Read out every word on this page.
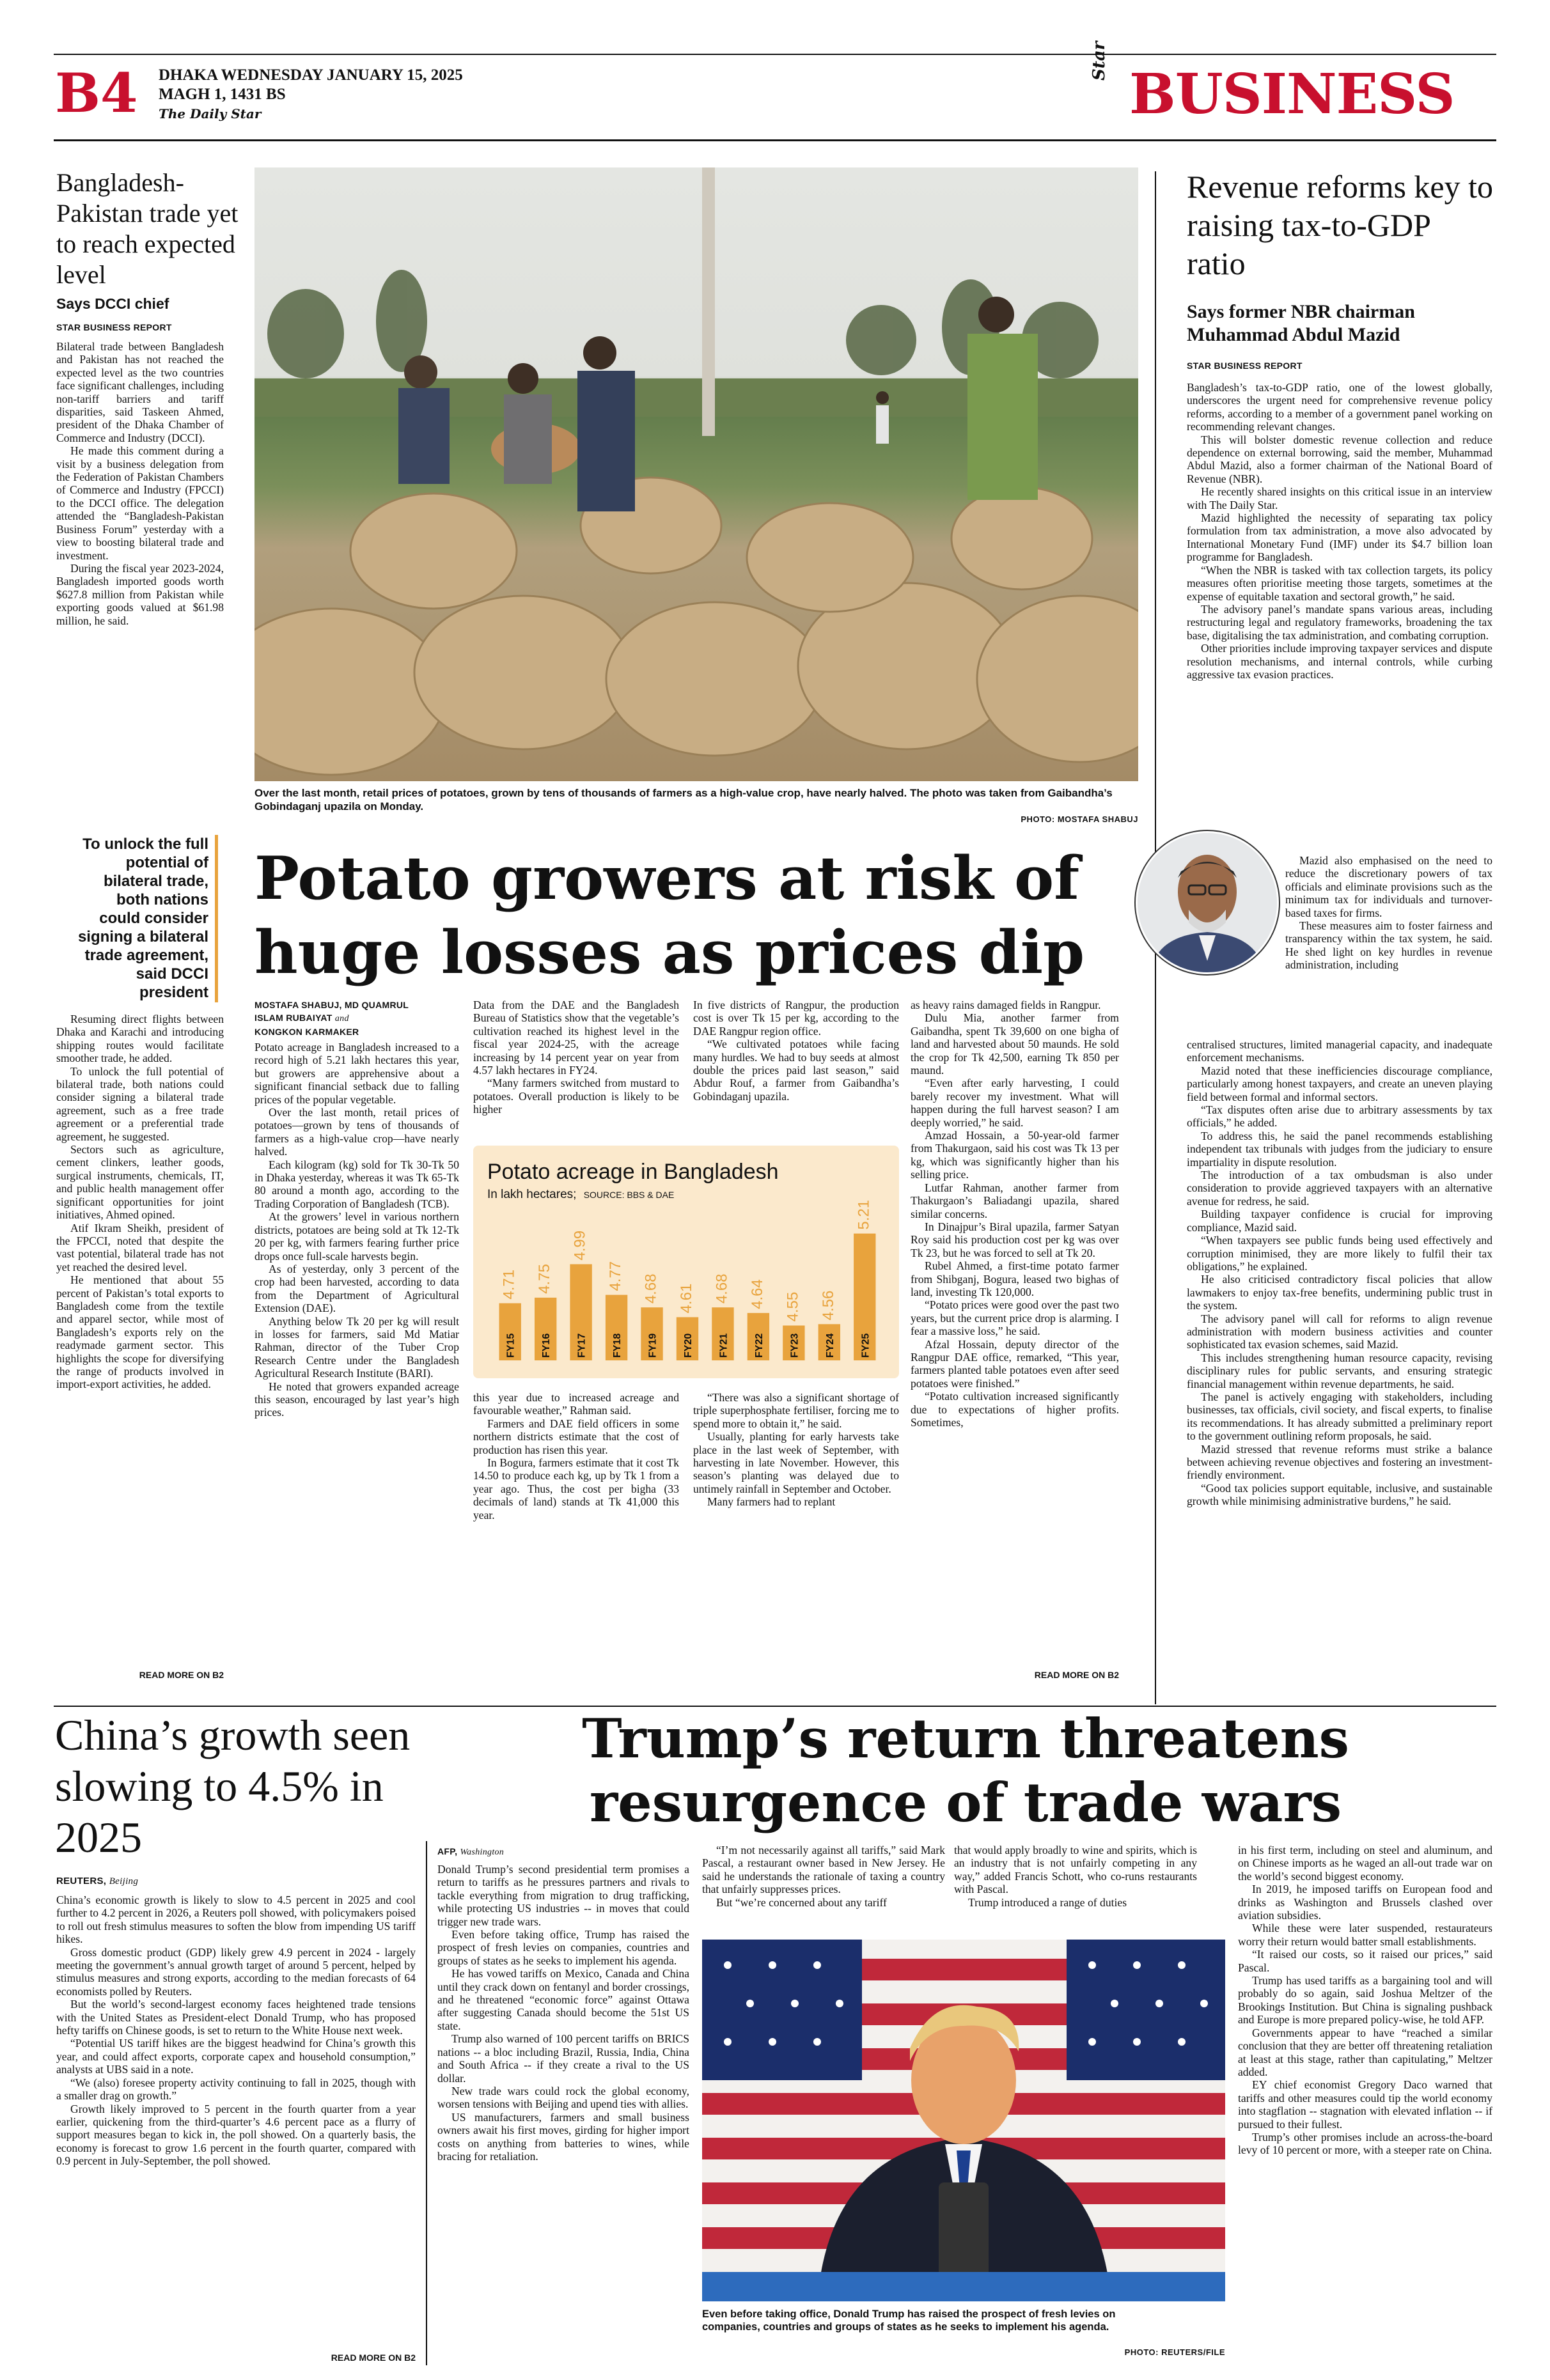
B4 DHAKA WEDNESDAY JANUARY 15, 2025
MAGH 1, 1431 BS
The Daily Star
Star
BUSINESS
Bangladesh-Pakistan trade yet to reach expected level
Says DCCI chief
STAR BUSINESS REPORT

Bilateral trade between Bangladesh and Pakistan has not reached the expected level as the two countries face significant challenges, including non-tariff barriers and tariff disparities, said Taskeen Ahmed, president of the Dhaka Chamber of Commerce and Industry (DCCI).

He made this comment during a visit by a business delegation from the Federation of Pakistan Chambers of Commerce and Industry (FPCCI) to the DCCI office. The delegation attended the “Bangladesh-Pakistan Business Forum” yesterday with a view to boosting bilateral trade and investment.

During the fiscal year 2023-2024, Bangladesh imported goods worth $627.8 million from Pakistan while exporting goods valued at $61.98 million, he said.

To unlock the full potential of bilateral trade, both nations could consider signing a bilateral trade agreement, said DCCI president

Resuming direct flights between Dhaka and Karachi and introducing shipping routes would facilitate smoother trade, he added.

To unlock the full potential of bilateral trade, both nations could consider signing a bilateral trade agreement, such as a free trade agreement or a preferential trade agreement, he suggested.

Sectors such as agriculture, cement clinkers, leather goods, surgical instruments, chemicals, IT, and public health management offer significant opportunities for joint initiatives, Ahmed opined.

Atif Ikram Sheikh, president of the FPCCI, noted that despite the vast potential, bilateral trade has not yet reached the desired level.

He mentioned that about 55 percent of Pakistan’s total exports to Bangladesh come from the textile and apparel sector, while most of Bangladesh’s exports rely on the readymade garment sector. This highlights the scope for diversifying the range of products involved in import-export activities, he added.

READ MORE ON B2
Over the last month, retail prices of potatoes, grown by tens of thousands of farmers as a high-value crop, have nearly halved. The photo was taken from Gaibandha’s Gobindaganj upazila on Monday.
PHOTO: MOSTAFA SHABUJ
Potato growers at risk of
huge losses as prices dip
MOSTAFA SHABUJ, MD QUAMRUL
ISLAM RUBAIYAT and
KONGKON KARMAKER

Potato acreage in Bangladesh increased to a record high of 5.21 lakh hectares this year, but growers are apprehensive about a significant financial setback due to falling prices of the popular vegetable.

Over the last month, retail prices of potatoes—grown by tens of thousands of farmers as a high-value crop—have nearly halved.

Each kilogram (kg) sold for Tk 30-Tk 50 in Dhaka yesterday, whereas it was Tk 65-Tk 80 around a month ago, according to the Trading Corporation of Bangladesh (TCB).

At the growers’ level in various northern districts, potatoes are being sold at Tk 12-Tk 20 per kg, with farmers fearing further price drops once full-scale harvests begin.

As of yesterday, only 3 percent of the crop had been harvested, according to data from the Department of Agricultural Extension (DAE).

Anything below Tk 20 per kg will result in losses for farmers, said Md Matiar Rahman, director of the Tuber Crop Research Centre under the Bangladesh Agricultural Research Institute (BARI).

He noted that growers expanded acreage this season, encouraged by last year’s high prices.

Data from the DAE and the Bangladesh Bureau of Statistics show that the vegetable’s cultivation reached its highest level in the fiscal year 2024-25, with the acreage increasing by 14 percent year on year from 4.57 lakh hectares in FY24.

“Many farmers switched from mustard to potatoes. Overall production is likely to be higher

In five districts of Rangpur, the production cost is over Tk 15 per kg, according to the DAE Rangpur region office.

“We cultivated potatoes while facing many hurdles. We had to buy seeds at almost double the prices paid last season,” said Abdur Rouf, a farmer from Gaibandha’s Gobindaganj upazila.

Potato acreage in Bangladesh
In lakh hectares; SOURCE: BBS & DAE
FY15
4.71
FY16
4.75
FY17
4.99
FY18
4.77
FY19
4.68
FY20
4.61
FY21
4.68
FY22
4.64
FY23
4.55
FY24
4.56
FY25
5.21

this year due to increased acreage and favourable weather,” Rahman said.

Farmers and DAE field officers in some northern districts estimate that the cost of production has risen this year.

In Bogura, farmers estimate that it cost Tk 14.50 to produce each kg, up by Tk 1 from a year ago. Thus, the cost per bigha (33 decimals of land) stands at Tk 41,000 this year.

“There was also a significant shortage of triple superphosphate fertiliser, forcing me to spend more to obtain it,” he said.

Usually, planting for early harvests take place in the last week of September, with harvesting in late November. However, this season’s planting was delayed due to untimely rainfall in September and October.

Many farmers had to replant

as heavy rains damaged fields in Rangpur.

Dulu Mia, another farmer from Gaibandha, spent Tk 39,600 on one bigha of land and harvested about 50 maunds. He sold the crop for Tk 42,500, earning Tk 850 per maund.

“Even after early harvesting, I could barely recover my investment. What will happen during the full harvest season? I am deeply worried,” he said.

Amzad Hossain, a 50-year-old farmer from Thakurgaon, said his cost was Tk 13 per kg, which was significantly higher than his selling price.

Lutfar Rahman, another farmer from Thakurgaon’s Baliadangi upazila, shared similar concerns.

In Dinajpur’s Biral upazila, farmer Satyan Roy said his production cost per kg was over Tk 23, but he was forced to sell at Tk 20.

Rubel Ahmed, a first-time potato farmer from Shibganj, Bogura, leased two bighas of land, investing Tk 120,000.

“Potato prices were good over the past two years, but the current price drop is alarming. I fear a massive loss,” he said.

Afzal Hossain, deputy director of the Rangpur DAE office, remarked, “This year, farmers planted table potatoes even after seed potatoes were finished.”

“Potato cultivation increased significantly due to expectations of higher profits. Sometimes,

READ MORE ON B2
Revenue reforms key to raising tax-to-GDP ratio
Says former NBR chairman Muhammad Abdul Mazid
STAR BUSINESS REPORT

Bangladesh’s tax-to-GDP ratio, one of the lowest globally, underscores the urgent need for comprehensive revenue policy reforms, according to a member of a government panel working on recommending relevant changes.

This will bolster domestic revenue collection and reduce dependence on external borrowing, said the member, Muhammad Abdul Mazid, also a former chairman of the National Board of Revenue (NBR).

He recently shared insights on this critical issue in an interview with The Daily Star.

Mazid highlighted the necessity of separating tax policy formulation from tax administration, a move also advocated by International Monetary Fund (IMF) under its $4.7 billion loan programme for Bangladesh.

“When the NBR is tasked with tax collection targets, its policy measures often prioritise meeting those targets, sometimes at the expense of equitable taxation and sectoral growth,” he said.

The advisory panel’s mandate spans various areas, including restructuring legal and regulatory frameworks, broadening the tax base, digitalising the tax administration, and combating corruption.

Other priorities include improving taxpayer services and dispute resolution mechanisms, and internal controls, while curbing aggressive tax evasion practices.

Mazid also emphasised on the need to reduce the discretionary powers of tax officials and eliminate provisions such as the minimum tax for individuals and turnover-based taxes for firms.

These measures aim to foster fairness and transparency within the tax system, he said. He shed light on key hurdles in revenue administration, including

centralised structures, limited managerial capacity, and inadequate enforcement mechanisms.

Mazid noted that these inefficiencies discourage compliance, particularly among honest taxpayers, and create an uneven playing field between formal and informal sectors.

“Tax disputes often arise due to arbitrary assessments by tax officials,” he added.

To address this, he said the panel recommends establishing independent tax tribunals with judges from the judiciary to ensure impartiality in dispute resolution.

The introduction of a tax ombudsman is also under consideration to provide aggrieved taxpayers with an alternative avenue for redress, he said.

Building taxpayer confidence is crucial for improving compliance, Mazid said.

“When taxpayers see public funds being used effectively and corruption minimised, they are more likely to fulfil their tax obligations,” he explained.

He also criticised contradictory fiscal policies that allow lawmakers to enjoy tax-free benefits, undermining public trust in the system.

The advisory panel will call for reforms to align revenue administration with modern business activities and counter sophisticated tax evasion schemes, said Mazid.

This includes strengthening human resource capacity, revising disciplinary rules for public servants, and ensuring strategic financial management within revenue departments, he said.

The panel is actively engaging with stakeholders, including businesses, tax officials, civil society, and fiscal experts, to finalise its recommendations. It has already submitted a preliminary report to the government outlining reform proposals, he said.

Mazid stressed that revenue reforms must strike a balance between achieving revenue objectives and fostering an investment-friendly environment.

“Good tax policies support equitable, inclusive, and sustainable growth while minimising administrative burdens,” he said.

China’s growth seen slowing to 4.5% in 2025
REUTERS, Beijing

China’s economic growth is likely to slow to 4.5 percent in 2025 and cool further to 4.2 percent in 2026, a Reuters poll showed, with policymakers poised to roll out fresh stimulus measures to soften the blow from impending US tariff hikes.

Gross domestic product (GDP) likely grew 4.9 percent in 2024 - largely meeting the government’s annual growth target of around 5 percent, helped by stimulus measures and strong exports, according to the median forecasts of 64 economists polled by Reuters.

But the world’s second-largest economy faces heightened trade tensions with the United States as President-elect Donald Trump, who has proposed hefty tariffs on Chinese goods, is set to return to the White House next week.

“Potential US tariff hikes are the biggest headwind for China’s growth this year, and could affect exports, corporate capex and household consumption,” analysts at UBS said in a note.

“We (also) foresee property activity continuing to fall in 2025, though with a smaller drag on growth.”

Growth likely improved to 5 percent in the fourth quarter from a year earlier, quickening from the third-quarter’s 4.6 percent pace as a flurry of support measures began to kick in, the poll showed. On a quarterly basis, the economy is forecast to grow 1.6 percent in the fourth quarter, compared with 0.9 percent in July-September, the poll showed.

READ MORE ON B2
Trump’s return threatens
resurgence of trade wars
AFP, Washington

Donald Trump’s second presidential term promises a return to tariffs as he pressures partners and rivals to tackle everything from migration to drug trafficking, while protecting US industries -- in moves that could trigger new trade wars.

Even before taking office, Trump has raised the prospect of fresh levies on companies, countries and groups of states as he seeks to implement his agenda.

He has vowed tariffs on Mexico, Canada and China until they crack down on fentanyl and border crossings, and he threatened “economic force” against Ottawa after suggesting Canada should become the 51st US state.

Trump also warned of 100 percent tariffs on BRICS nations -- a bloc including Brazil, Russia, India, China and South Africa -- if they create a rival to the US dollar.

New trade wars could rock the global economy, worsen tensions with Beijing and upend ties with allies.

US manufacturers, farmers and small business owners await his first moves, girding for higher import costs on anything from batteries to wines, while bracing for retaliation.

“I’m not necessarily against all tariffs,” said Mark Pascal, a restaurant owner based in New Jersey. He said he understands the rationale of taxing a country that unfairly suppresses prices.

But “we’re concerned about any tariff

that would apply broadly to wine and spirits, which is an industry that is not unfairly competing in any way,” added Francis Schott, who co-runs restaurants with Pascal.

Trump introduced a range of duties

in his first term, including on steel and aluminum, and on Chinese imports as he waged an all-out trade war on the world’s second biggest economy.

In 2019, he imposed tariffs on European food and drinks as Washington and Brussels clashed over aviation subsidies.

While these were later suspended, restaurateurs worry their return would batter small establishments.

“It raised our costs, so it raised our prices,” said Pascal.

Trump has used tariffs as a bargaining tool and will probably do so again, said Joshua Meltzer of the Brookings Institution. But China is signaling pushback and Europe is more prepared policy-wise, he told AFP.

Governments appear to have “reached a similar conclusion that they are better off threatening retaliation at least at this stage, rather than capitulating,” Meltzer added.

EY chief economist Gregory Daco warned that tariffs and other measures could tip the world economy into stagflation -- stagnation with elevated inflation -- if pursued to their fullest.

Trump’s other promises include an across-the-board levy of 10 percent or more, with a steeper rate on China.

Even before taking office, Donald Trump has raised the prospect of fresh levies on companies, countries and groups of states as he seeks to implement his agenda.
PHOTO: REUTERS/FILE
